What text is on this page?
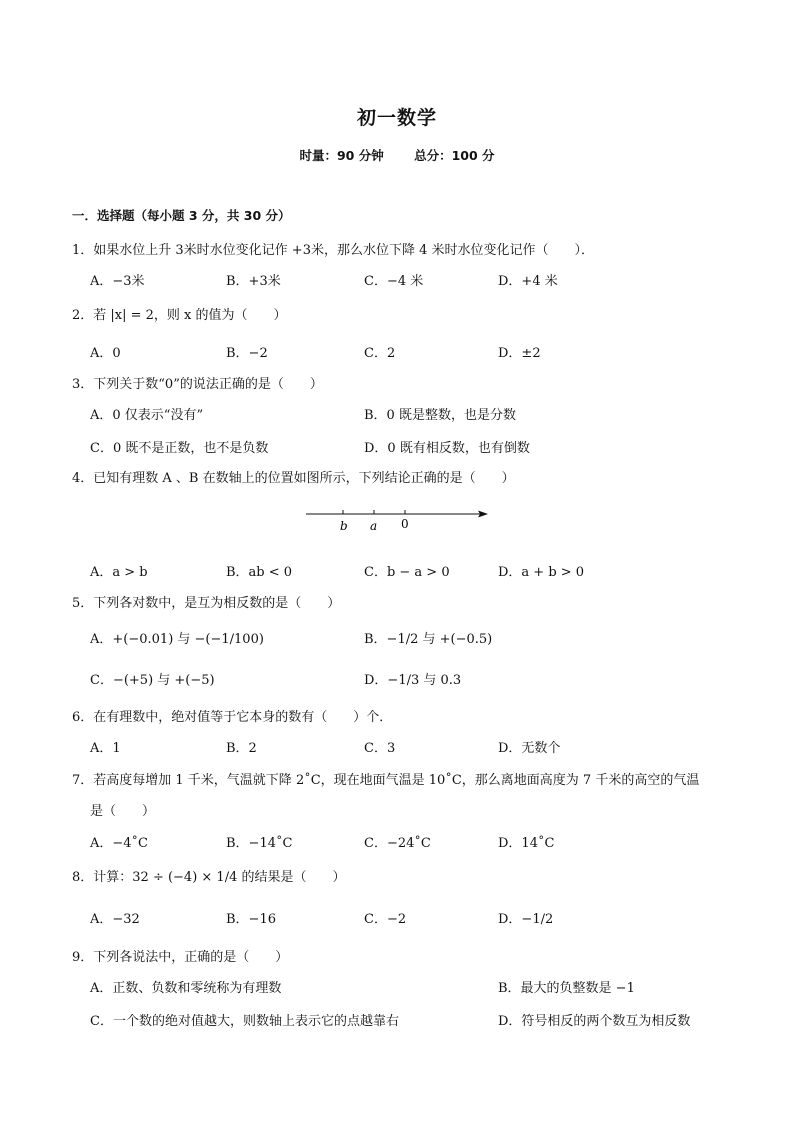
初一数学
时量：90 分钟 总分：100 分
一．选择题（每小题 3 分，共 30 分）
1．如果水位上升 3米时水位变化记作 +3米，那么水位下降 4 米时水位变化记作（　　）．
A．−3米	B．+3米	C．−4 米	D．+4 米
2．若 |x| = 2，则 x 的值为（　　）
A．0	B．−2	C．2	D．±2
3．下列关于数“0”的说法正确的是（　　）
A．0 仅表示“没有”	B．0 既是整数，也是分数
C．0 既不是正数，也不是负数	D．0 既有相反数，也有倒数
4．已知有理数 A 、B 在数轴上的位置如图所示，下列结论正确的是（　　）
b a 0
A．a > b	B．ab < 0	C．b − a > 0	D．a + b > 0
5．下列各对数中，是互为相反数的是（　　）
A．+(−0.01) 与 −(−1/100)	B．−1/2 与 +(−0.5)
C．−(+5) 与 +(−5)	D．−1/3 与 0.3
6．在有理数中，绝对值等于它本身的数有（　　）个．
A．1	B．2	C．3	D．无数个
7．若高度每增加 1 千米，气温就下降 2˚C，现在地面气温是 10˚C，那么离地面高度为 7 千米的高空的气温
是（　　）
A．−4˚C	B．−14˚C	C．−24˚C	D．14˚C
8．计算：32 ÷ (−4) × 1/4 的结果是（　　）
A．−32	B．−16	C．−2	D．−1/2
9．下列各说法中，正确的是（　　）
A．正数、负数和零统称为有理数	B．最大的负整数是 −1
C．一个数的绝对值越大，则数轴上表示它的点越靠右	D．符号相反的两个数互为相反数
